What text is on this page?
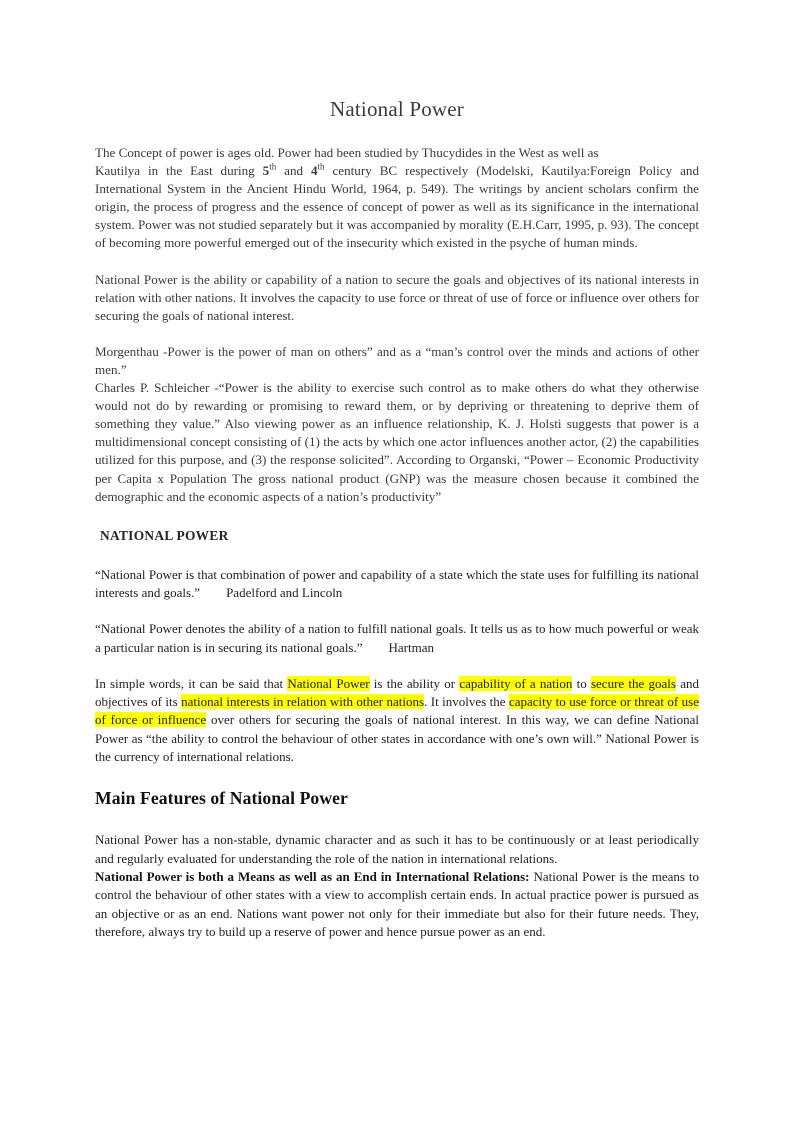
National Power

The Concept of power is ages old. Power had been studied by Thucydides in the West as well as

Kautilya in the East during 5th and 4th century BC respectively (Modelski, Kautilya:Foreign Policy and International System in the Ancient Hindu World, 1964, p. 549). The writings by ancient scholars confirm the origin, the process of progress and the essence of concept of power as well as its significance in the international system. Power was not studied separately but it was accompanied by morality (E.H.Carr, 1995, p. 93). The concept of becoming more powerful emerged out of the insecurity which existed in the psyche of human minds.

National Power is the ability or capability of a nation to secure the goals and objectives of its national interests in relation with other nations. It involves the capacity to use force or threat of use of force or influence over others for securing the goals of national interest.

Morgenthau -Power is the power of man on others” and as a “man’s control over the minds and actions of other men.”

Charles P. Schleicher -“Power is the ability to exercise such control as to make others do what they otherwise would not do by rewarding or promising to reward them, or by depriving or threatening to deprive them of something they value.” Also viewing power as an influence relationship, K. J. Holsti suggests that power is a multidimensional concept consisting of (1) the acts by which one actor influences another actor, (2) the capabilities utilized for this purpose, and (3) the response solicited”. According to Organski, “Power – Economic Productivity per Capita x Population The gross national product (GNP) was the measure chosen because it combined the demographic and the economic aspects of a nation’s productivity”

NATIONAL POWER

“National Power is that combination of power and capability of a state which the state uses for fulfilling its national interests and goals.” Padelford and Lincoln

“National Power denotes the ability of a nation to fulfill national goals. It tells us as to how much powerful or weak a particular nation is in securing its national goals.” Hartman

In simple words, it can be said that National Power is the ability or capability of a nation to secure the goals and objectives of its national interests in relation with other nations. It involves the capacity to use force or threat of use of force or influence over others for securing the goals of national interest. In this way, we can define National Power as “the ability to control the behaviour of other states in accordance with one’s own will.” National Power is the currency of international relations.

Main Features of National Power

National Power has a non-stable, dynamic character and as such it has to be continuously or at least periodically and regularly evaluated for understanding the role of the nation in international relations.

National Power is both a Means as well as an End in International Relations: National Power is the means to control the behaviour of other states with a view to accomplish certain ends. In actual practice power is pursued as an objective or as an end. Nations want power not only for their immediate but also for their future needs. They, therefore, always try to build up a reserve of power and hence pursue power as an end.
